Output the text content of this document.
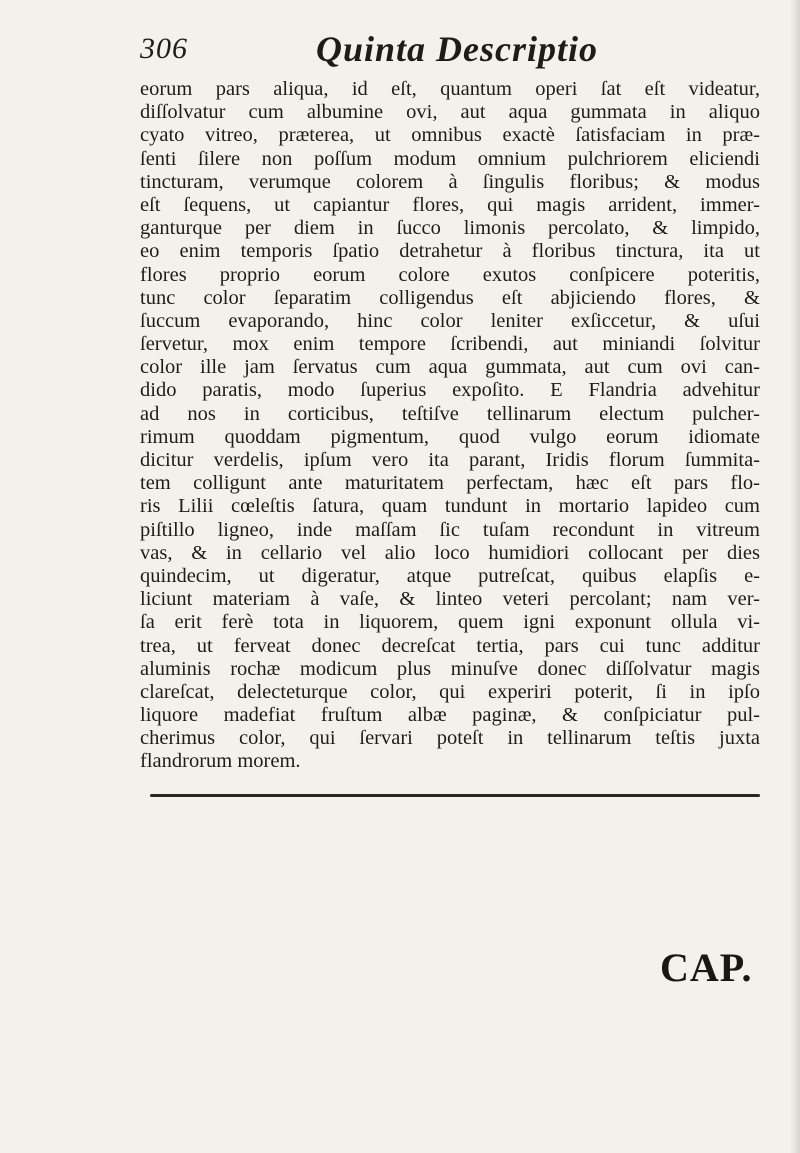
306	Quinta Descriptio
eorum pars aliqua, id eſt, quantum operi ſat eſt videatur,
diſſolvatur cum albumine ovi, aut aqua gummata in aliquo
cyato vitreo, præterea, ut omnibus exactè ſatisfaciam in præ-
ſenti ſilere non poſſum modum omnium pulchriorem eliciendi
tincturam, verumque colorem à ſingulis floribus; & modus
eſt ſequens, ut capiantur flores, qui magis arrident, immer-
ganturque per diem in ſucco limonis percolato, & limpido,
eo enim temporis ſpatio detrahetur à floribus tinctura, ita ut
flores proprio eorum colore exutos conſpicere poteritis,
tunc color ſeparatim colligendus eſt abjiciendo flores, &
ſuccum evaporando, hinc color leniter exſiccetur, & uſui
ſervetur, mox enim tempore ſcribendi, aut miniandi ſolvitur
color ille jam ſervatus cum aqua gummata, aut cum ovi can-
dido paratis, modo ſuperius expoſito. E Flandria advehitur
ad nos in corticibus, teſtiſve tellinarum electum pulcher-
rimum quoddam pigmentum, quod vulgo eorum idiomate
dicitur verdelis, ipſum vero ita parant, Iridis florum ſummita-
tem colligunt ante maturitatem perfectam, hæc eſt pars flo-
ris Lilii cœleſtis ſatura, quam tundunt in mortario lapideo cum
piſtillo ligneo, inde maſſam ſic tuſam recondunt in vitreum
vas, & in cellario vel alio loco humidiori collocant per dies
quindecim, ut digeratur, atque putreſcat, quibus elapſis e-
liciunt materiam à vaſe, & linteo veteri percolant; nam ver-
ſa erit ferè tota in liquorem, quem igni exponunt ollula vi-
trea, ut ferveat donec decreſcat tertia, pars cui tunc additur
aluminis rochæ modicum plus minuſve donec diſſolvatur magis
clareſcat, delecteturque color, qui experiri poterit, ſi in ipſo
liquore madefiat fruſtum albæ paginæ, & conſpiciatur pul-
cherimus color, qui ſervari poteſt in tellinarum teſtis juxta
flandrorum morem.
CAP.
